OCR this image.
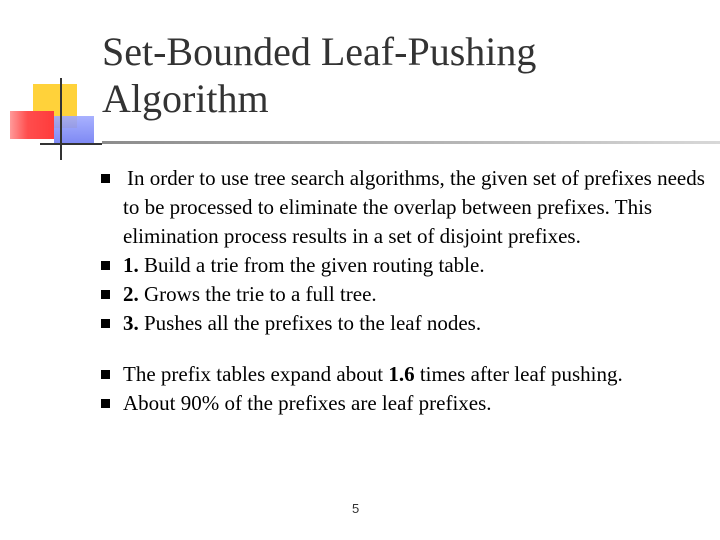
Set-Bounded Leaf-Pushing
Algorithm
In order to use tree search algorithms, the given set of prefixes needs to be processed to eliminate the overlap between prefixes. This elimination process results in a set of disjoint prefixes.
1. Build a trie from the given routing table.
2. Grows the trie to a full tree.
3. Pushes all the prefixes to the leaf nodes.
The prefix tables expand about 1.6 times after leaf pushing.
About 90% of the prefixes are leaf prefixes.
5
